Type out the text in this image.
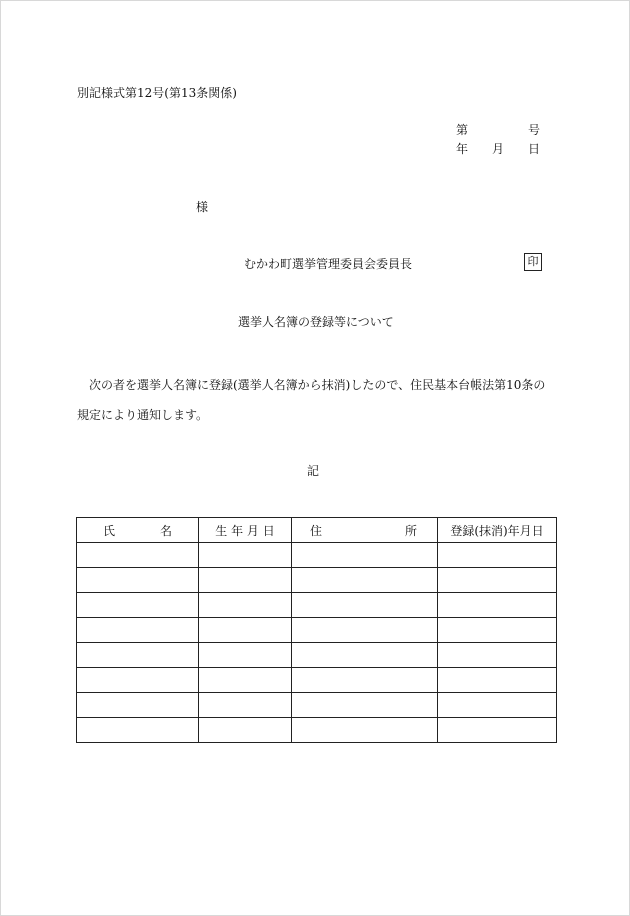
別記様式第12号(第13条関係)
第	号
年 月 日
様
むかわ町選挙管理委員会委員長	印
選挙人名簿の登録等について
次の者を選挙人名簿に登録(選挙人名簿から抹消)したので、住民基本台帳法第10条の規定により通知します。
記
氏 名	生 年 月 日	住 所	登録(抹消)年月日
